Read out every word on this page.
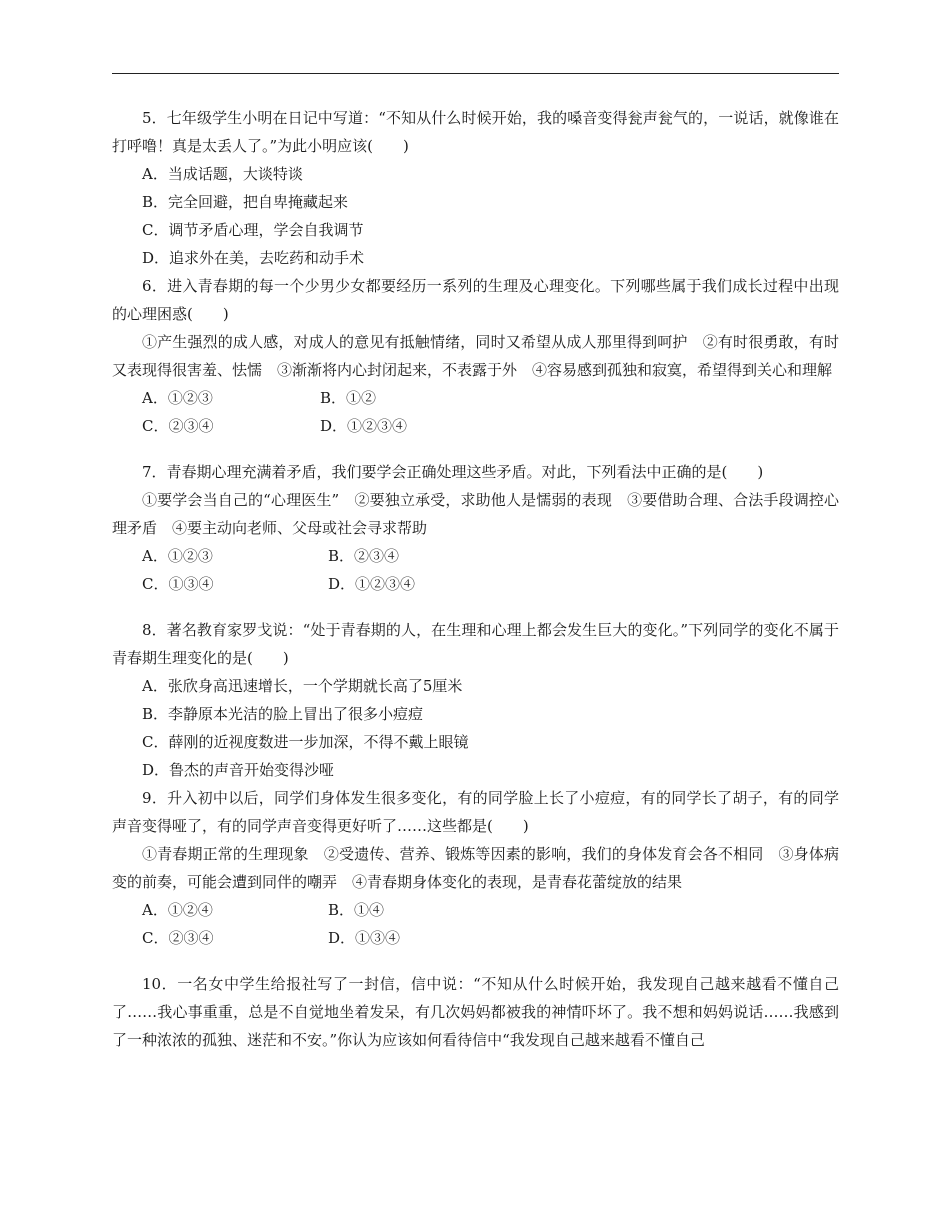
5．七年级学生小明在日记中写道：“不知从什么时候开始，我的嗓音变得瓮声瓮气的，一说话，就像谁在打呼噜！真是太丢人了。”为此小明应该(　　)

A．当成话题，大谈特谈

B．完全回避，把自卑掩藏起来

C．调节矛盾心理，学会自我调节

D．追求外在美，去吃药和动手术

6．进入青春期的每一个少男少女都要经历一系列的生理及心理变化。下列哪些属于我们成长过程中出现的心理困惑(　　)

①产生强烈的成人感，对成人的意见有抵触情绪，同时又希望从成人那里得到呵护　②有时很勇敢，有时又表现得很害羞、怯懦　③渐渐将内心封闭起来，不表露于外　④容易感到孤独和寂寞，希望得到关心和理解

A．①②③	B．①②
C．②③④	D．①②③④

7．青春期心理充满着矛盾，我们要学会正确处理这些矛盾。对此，下列看法中正确的是(　　)

①要学会当自己的“心理医生”　②要独立承受，求助他人是懦弱的表现　③要借助合理、合法手段调控心理矛盾　④要主动向老师、父母或社会寻求帮助

A．①②③	B．②③④
C．①③④	D．①②③④

8．著名教育家罗戈说：“处于青春期的人，在生理和心理上都会发生巨大的变化。”下列同学的变化不属于青春期生理变化的是(　　)

A．张欣身高迅速增长，一个学期就长高了5厘米

B．李静原本光洁的脸上冒出了很多小痘痘

C．薛刚的近视度数进一步加深，不得不戴上眼镜

D．鲁杰的声音开始变得沙哑

9．升入初中以后，同学们身体发生很多变化，有的同学脸上长了小痘痘，有的同学长了胡子，有的同学声音变得哑了，有的同学声音变得更好听了……这些都是(　　)

①青春期正常的生理现象　②受遗传、营养、锻炼等因素的影响，我们的身体发育会各不相同　③身体病变的前奏，可能会遭到同伴的嘲弄　④青春期身体变化的表现，是青春花蕾绽放的结果

A．①②④	B．①④
C．②③④	D．①③④

10．一名女中学生给报社写了一封信，信中说：“不知从什么时候开始，我发现自己越来越看不懂自己了……我心事重重，总是不自觉地坐着发呆，有几次妈妈都被我的神情吓坏了。我不想和妈妈说话……我感到了一种浓浓的孤独、迷茫和不安。”你认为应该如何看待信中“我发现自己越来越看不懂自己
